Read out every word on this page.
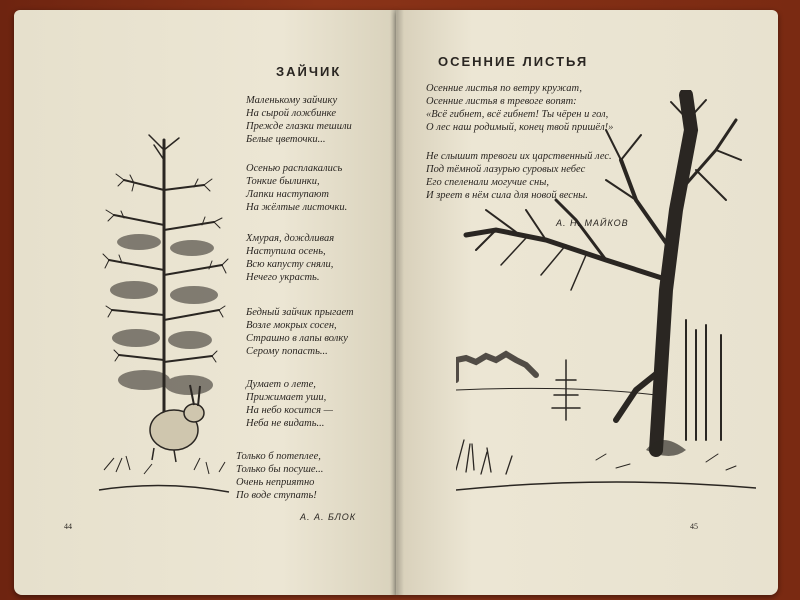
ЗАЙЧИК
Маленькому зайчику
На сырой ложбинке
Прежде глазки тешили
Белые цветочки...
Осенью расплакались
Тонкие былинки,
Лапки наступают
На жёлтые листочки.
Хмурая, дождливая
Наступила осень,
Всю капусту сняли,
Нечего украсть.
Бедный зайчик прыгает
Возле мокрых сосен,
Страшно в лапы волку
Серому попасть...
Думает о лете,
Прижимает уши,
На небо косится —
Неба не видать...
Только б потеплее,
Только бы посуше...
Очень неприятно
По воде ступать!
А. А. БЛОК
44
ОСЕННИЕ ЛИСТЬЯ
Осенние листья по ветру кружат,
Осенние листья в тревоге вопят:
«Всё гибнет, всё гибнет! Ты чёрен и гол,
О лес наш родимый, конец твой пришёл!»
Не слышит тревоги их царственный лес.
Под тёмной лазурью суровых небес
Его спеленали могучие сны,
И зреет в нём сила для новой весны.
А. Н. МАЙКОВ
45
